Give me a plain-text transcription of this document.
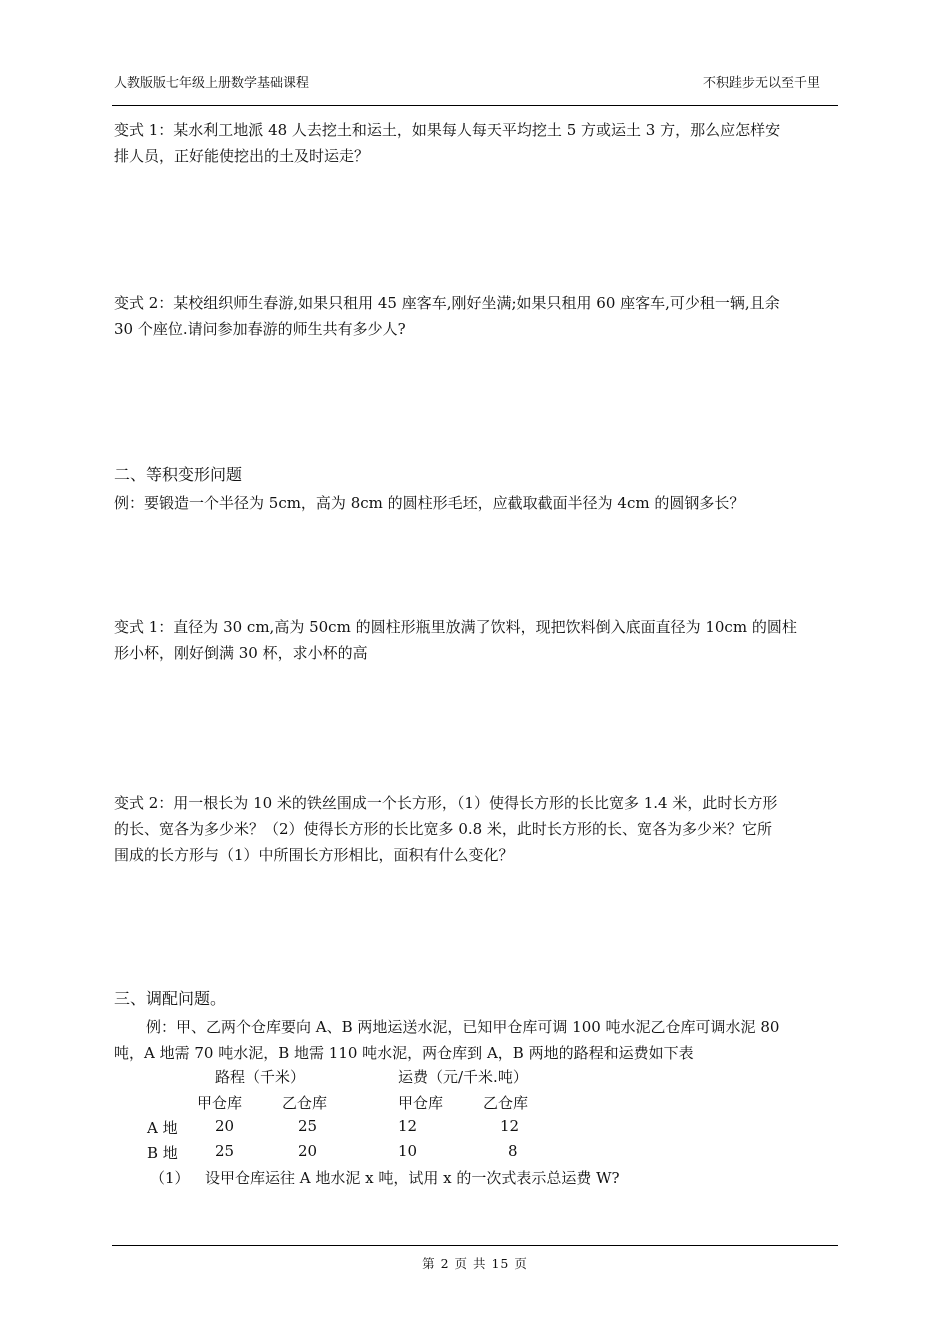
人教版版七年级上册数学基础课程	不积跬步无以至千里
变式 1：某水利工地派 48 人去挖土和运土，如果每人每天平均挖土 5 方或运土 3 方，那么应怎样安
排人员，正好能使挖出的土及时运走？
变式 2：某校组织师生春游,如果只租用 45 座客车,刚好坐满;如果只租用 60 座客车,可少租一辆,且余
30 个座位.请问参加春游的师生共有多少人?
二、等积变形问题
例：要锻造一个半径为 5cm，高为 8cm 的圆柱形毛坯，应截取截面半径为 4cm 的圆钢多长？
变式 1：直径为 30 cm,高为 50cm 的圆柱形瓶里放满了饮料，现把饮料倒入底面直径为 10cm 的圆柱
形小杯，刚好倒满 30 杯，求小杯的高
变式 2：用一根长为 10 米的铁丝围成一个长方形，（1）使得长方形的长比宽多 1.4 米，此时长方形
的长、宽各为多少米？（2）使得长方形的长比宽多 0.8 米，此时长方形的长、宽各为多少米？它所
围成的长方形与（1）中所围长方形相比，面积有什么变化？
三、调配问题。
例：甲、乙两个仓库要向 A、B 两地运送水泥，已知甲仓库可调 100 吨水泥乙仓库可调水泥 80
吨，A 地需 70 吨水泥，B 地需 110 吨水泥，两仓库到 A，B 两地的路程和运费如下表
路程（千米）	运费（元/千米.吨）
甲仓库	乙仓库	甲仓库	乙仓库
A 地 20	25	12	12
B 地 25	20	10	8
（1） 设甲仓库运往 A 地水泥 x 吨，试用 x 的一次式表示总运费 W?
第 2 页 共 15 页
